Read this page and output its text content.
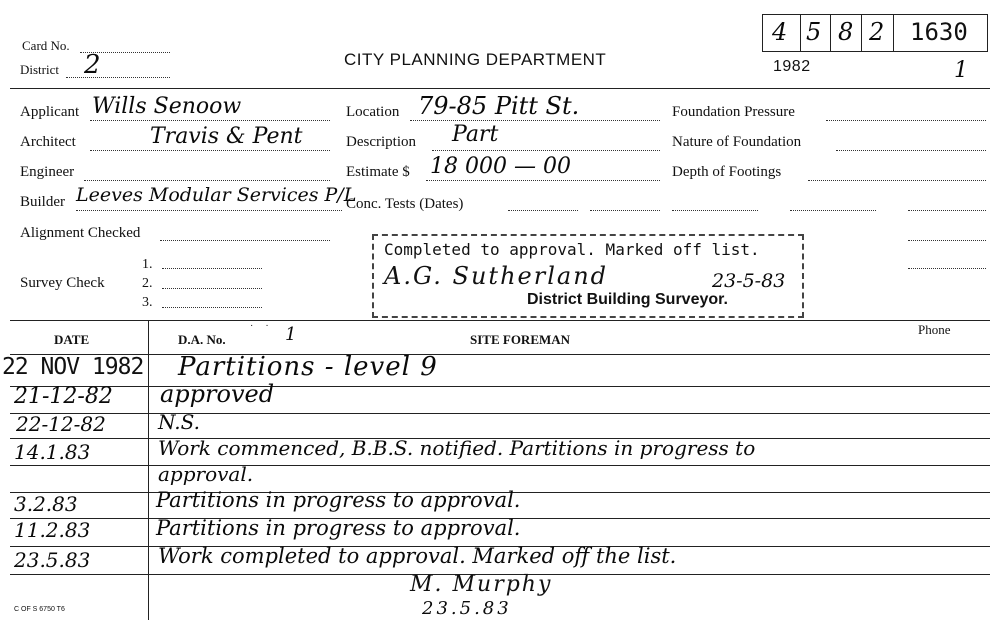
Card No.
District 2	CITY PLANNING DEPARTMENT	1982
4 5 8 2 1630
1
Applicant Wills Senoow
Architect	Travis & Pent
Engineer
Builder Leeves Modular Services P/L
Alignment Checked
1.
Survey Check	2.
3.
Location 79-85 Pitt St.
Description Part
Estimate $ 18 000 — 00
Conc. Tests (Dates)
Foundation Pressure
Nature of Foundation
Depth of Footings
Completed to approval. Marked off list.
A.G. Sutherland	23-5-83
District Building Surveyor.
Phone
DATE	D.A. No.
·· 1	SITE FOREMAN
22 NOV 1982 Partitions - level 9
21-12-82 approved
22-12-82	N.S.
14.1.83	Work commenced, B.B.S. notified. Partitions in progress to
approval.
3.2.83	Partitions in progress to approval.
11.2.83	Partitions in progress to approval.
23.5.83	Work completed to approval. Marked off the list.
M. Murphy
23.5.83
C OF S 6750 T6
